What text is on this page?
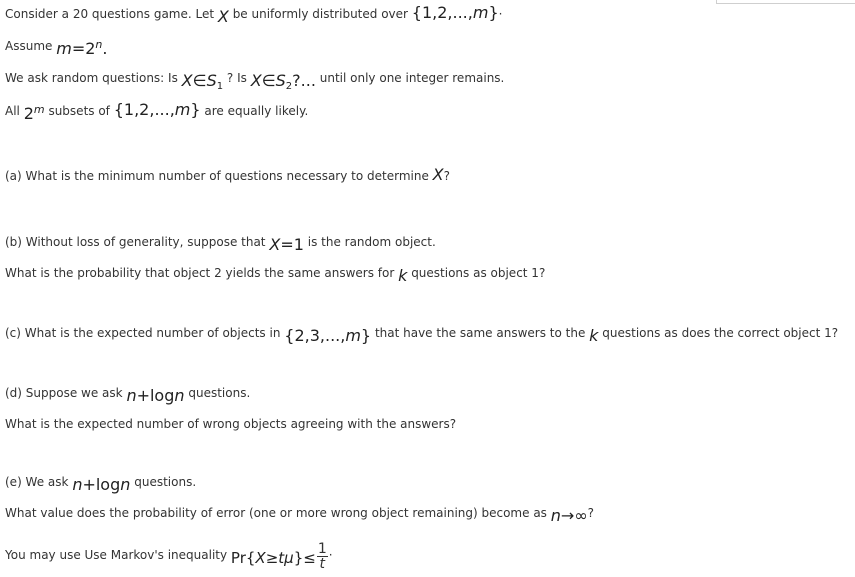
Consider a 20 questions game. Let X be uniformly distributed over {1,2,...,m}·
Assume $m=2^n$.
We ask random questions: Is $X\in S_1$ ? Is $X\in S_2$?... until only one integer remains.
All 2$^m$ subsets of {1,2,...,m} are equally likely.
(a) What is the minimum number of questions necessary to determine X?
(b) Without loss of generality, suppose that X=1 is the random object.
What is the probability that object 2 yields the same answers for k questions as object 1?
(c) What is the expected number of objects in {2,3,...,m} that have the same answers to the k questions as does the correct object 1?
(d) Suppose we ask n+logn questions.
What is the expected number of wrong objects agreeing with the answers?
(e) We ask n+logn questions.
What value does the probability of error (one or more wrong object remaining) become as n→∞?
You may use Use Markov's inequality $Pr\{X\ge t\mu\}\le \frac{1}{t}$ ·
